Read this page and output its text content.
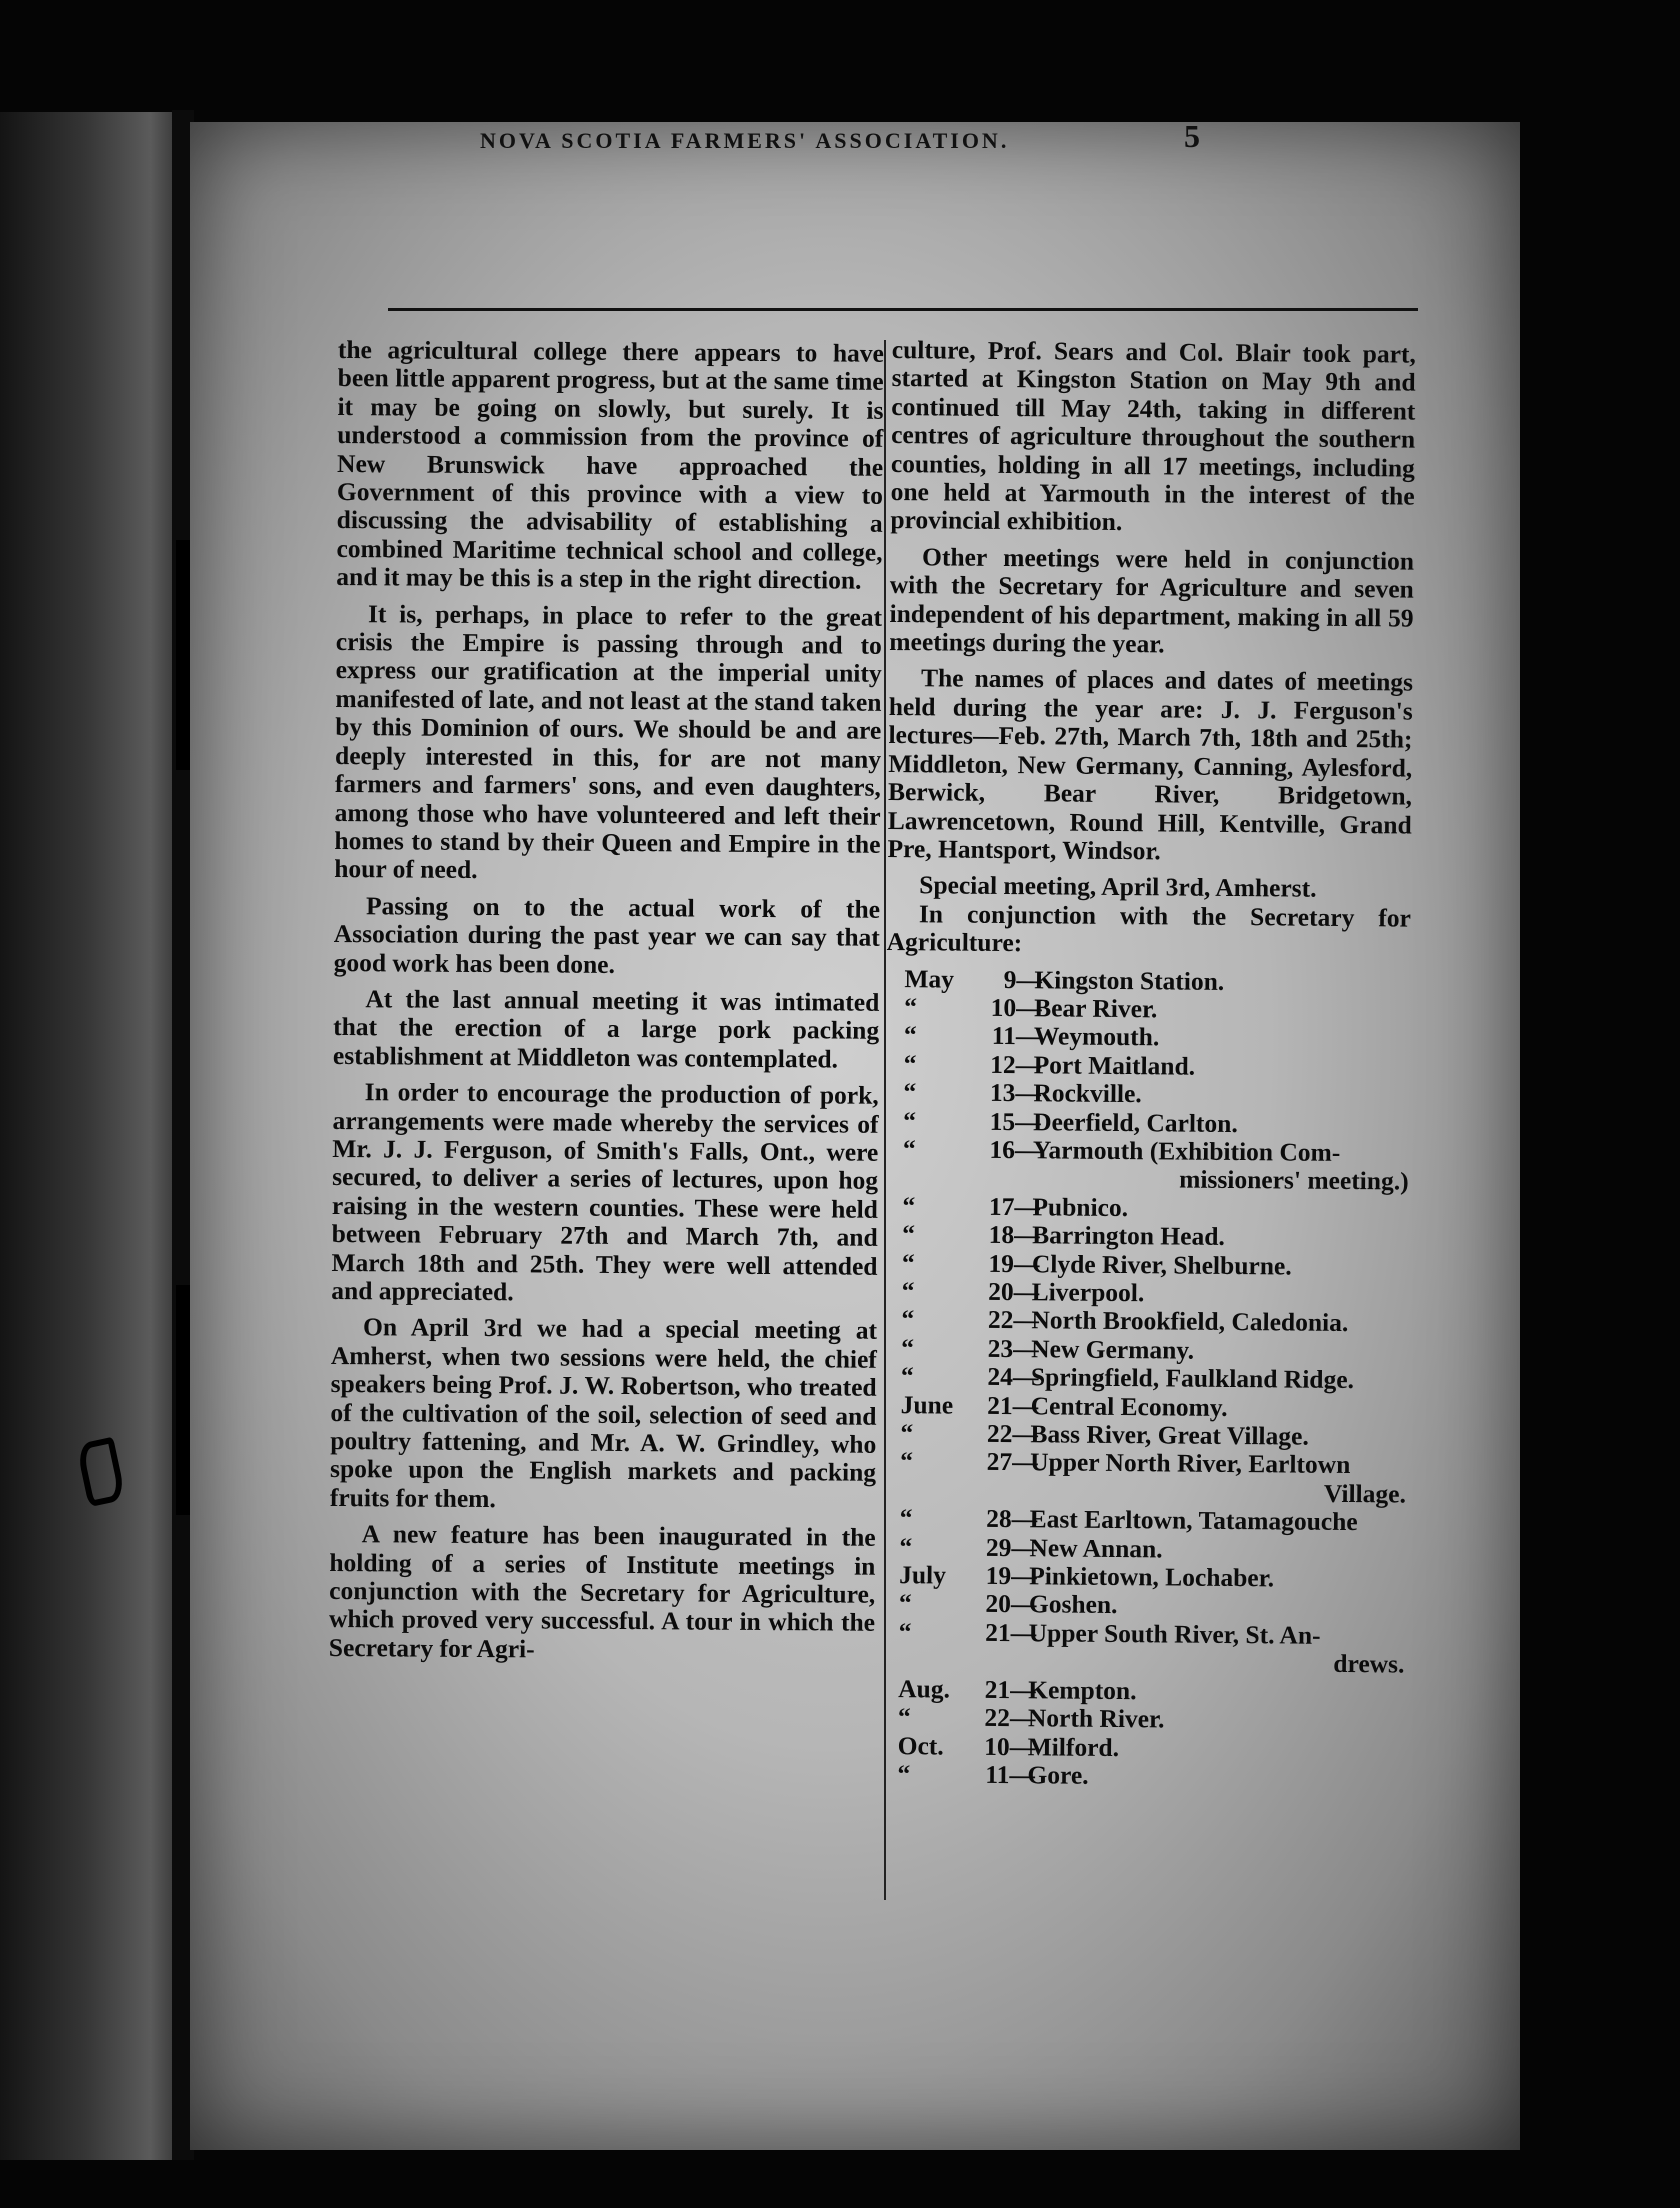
NOVA SCOTIA FARMERS' ASSOCIATION.	5

the agricultural college there appears to have been little apparent progress, but at the same time it may be going on slowly, but surely. It is understood a commission from the province of New Brunswick have approached the Government of this province with a view to discussing the advisability of establishing a combined Maritime technical school and college, and it may be this is a step in the right direction.

It is, perhaps, in place to refer to the great crisis the Empire is passing through and to express our gratification at the imperial unity manifested of late, and not least at the stand taken by this Dominion of ours. We should be and are deeply interested in this, for are not many farmers and farmers' sons, and even daughters, among those who have volunteered and left their homes to stand by their Queen and Empire in the hour of need.

Passing on to the actual work of the Association during the past year we can say that good work has been done.

At the last annual meeting it was intimated that the erection of a large pork packing establishment at Middleton was contemplated.

In order to encourage the production of pork, arrangements were made whereby the services of Mr. J. J. Ferguson, of Smith's Falls, Ont., were secured, to deliver a series of lectures, upon hog raising in the western counties. These were held between February 27th and March 7th, and March 18th and 25th. They were well attended and appreciated.

On April 3rd we had a special meeting at Amherst, when two sessions were held, the chief speakers being Prof. J. W. Robertson, who treated of the cultivation of the soil, selection of seed and poultry fattening, and Mr. A. W. Grindley, who spoke upon the English markets and packing fruits for them.

A new feature has been inaugurated in the holding of a series of Institute meetings in conjunction with the Secretary for Agriculture, which proved very successful. A tour in which the Secretary for Agri-

culture, Prof. Sears and Col. Blair took part, started at Kingston Station on May 9th and continued till May 24th, taking in different centres of agriculture throughout the southern counties, holding in all 17 meetings, including one held at Yarmouth in the interest of the provincial exhibition.

Other meetings were held in conjunction with the Secretary for Agriculture and seven independent of his department, making in all 59 meetings during the year.

The names of places and dates of meetings held during the year are: J. J. Ferguson's lectures—Feb. 27th, March 7th, 18th and 25th; Middleton, New Germany, Canning, Aylesford, Berwick, Bear River, Bridgetown, Lawrencetown, Round Hill, Kentville, Grand Pre, Hantsport, Windsor.

Special meeting, April 3rd, Amherst.

In conjunction with the Secretary for Agriculture:

May	9 —
Kingston Station.
“	10 —
Bear River.
“	11 —
Weymouth.
“	12 —
Port Maitland.
“	13 —
Rockville.
“	15 —
Deerfield, Carlton.
“	16 —
Yarmouth (Exhibition Com-
missioners' meeting.)
“	17 —
Pubnico.
“	18 —
Barrington Head.
“	19 —
Clyde River, Shelburne.
“	20 —
Liverpool.
“	22 —
North Brookfield, Caledonia.
“	23 —
New Germany.
“	24 —
Springfield, Faulkland Ridge.
June	21 —
Central Economy.
“	22 —
Bass River, Great Village.
“	27 —
Upper North River, Earltown
Village.
“	28 —
East Earltown, Tatamagouche
“	29 —
New Annan.
July	19 —
Pinkietown, Lochaber.
“	20 —
Goshen.
“	21 —
Upper South River, St. An-
drews.
Aug.	21 —
Kempton.
“	22 —
North River.
Oct.	10 —
Milford.
“	11 —
Gore.
